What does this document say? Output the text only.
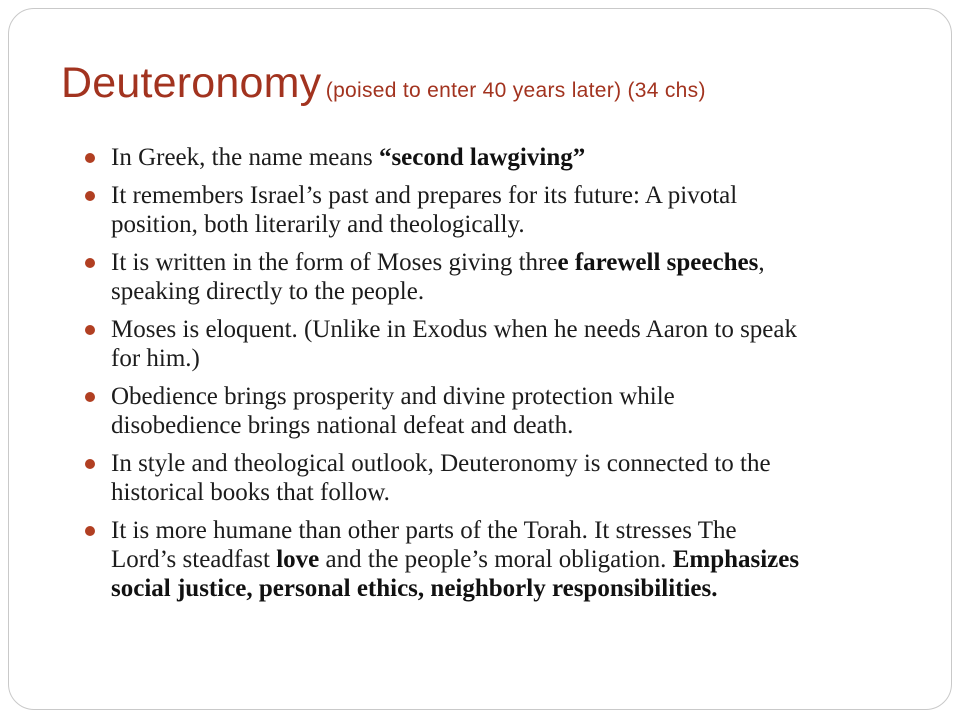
Deuteronomy (poised to enter 40 years later) (34 chs)
In Greek, the name means “second lawgiving”
It remembers Israel’s past and prepares for its future: A pivotal position, both literarily and theologically.
It is written in the form of Moses giving three farewell speeches, speaking directly to the people.
Moses is eloquent. (Unlike in Exodus when he needs Aaron to speak for him.)
Obedience brings prosperity and divine protection while disobedience brings national defeat and death.
In style and theological outlook, Deuteronomy is connected to the historical books that follow.
It is more humane than other parts of the Torah. It stresses The Lord’s steadfast love and the people’s moral obligation. Emphasizes social justice, personal ethics, neighborly responsibilities.
